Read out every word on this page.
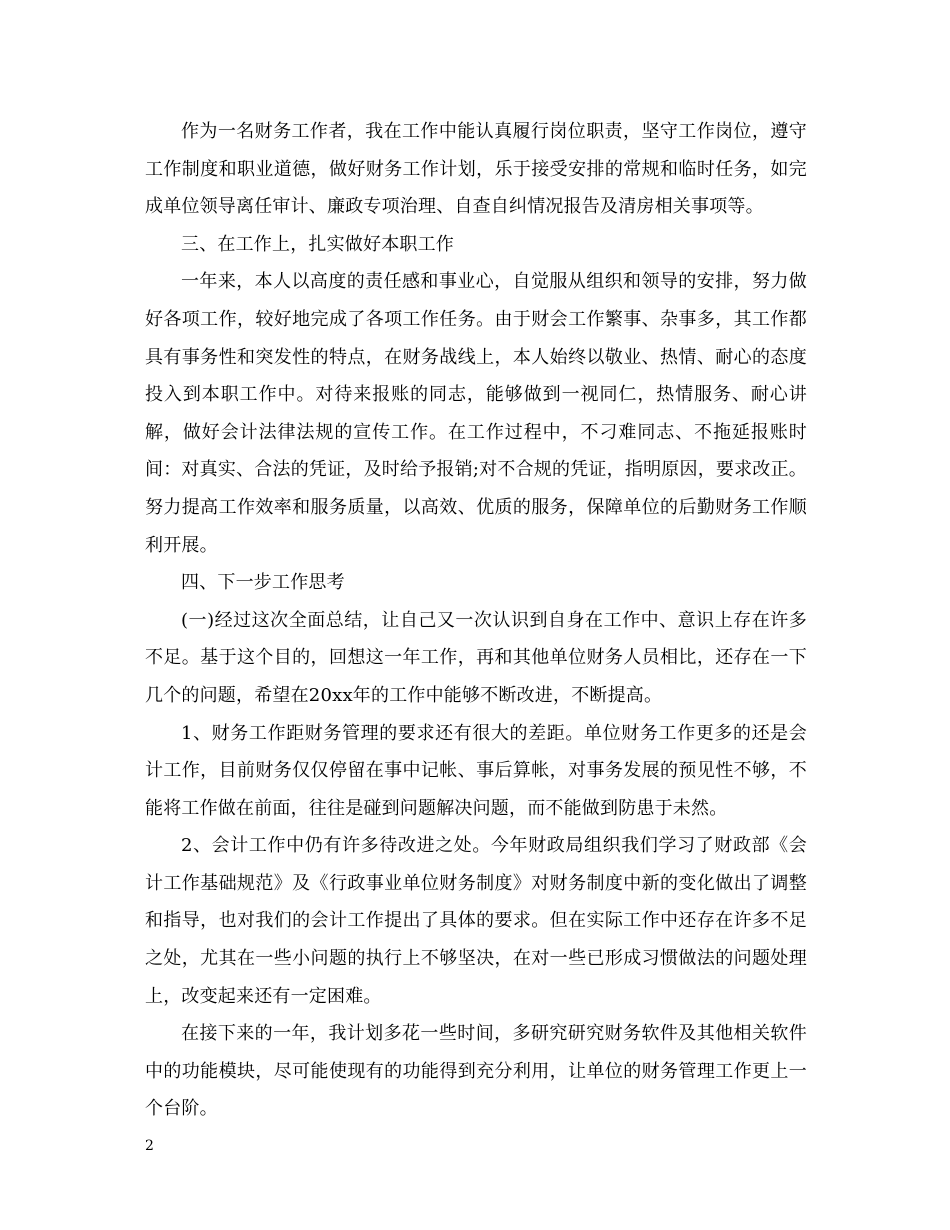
作为一名财务工作者，我在工作中能认真履行岗位职责，坚守工作岗位，遵守工作制度和职业道德，做好财务工作计划，乐于接受安排的常规和临时任务，如完成单位领导离任审计、廉政专项治理、自查自纠情况报告及清房相关事项等。

三、在工作上，扎实做好本职工作

一年来，本人以高度的责任感和事业心，自觉服从组织和领导的安排，努力做好各项工作，较好地完成了各项工作任务。由于财会工作繁事、杂事多，其工作都具有事务性和突发性的特点，在财务战线上，本人始终以敬业、热情、耐心的态度投入到本职工作中。对待来报账的同志，能够做到一视同仁，热情服务、耐心讲解，做好会计法律法规的宣传工作。在工作过程中，不刁难同志、不拖延报账时间：对真实、合法的凭证，及时给予报销;对不合规的凭证，指明原因，要求改正。努力提高工作效率和服务质量，以高效、优质的服务，保障单位的后勤财务工作顺利开展。

四、下一步工作思考

(一)经过这次全面总结，让自己又一次认识到自身在工作中、意识上存在许多不足。基于这个目的，回想这一年工作，再和其他单位财务人员相比，还存在一下几个的问题，希望在20xx年的工作中能够不断改进，不断提高。

1、财务工作距财务管理的要求还有很大的差距。单位财务工作更多的还是会计工作，目前财务仅仅停留在事中记帐、事后算帐，对事务发展的预见性不够，不能将工作做在前面，往往是碰到问题解决问题，而不能做到防患于未然。

2、会计工作中仍有许多待改进之处。今年财政局组织我们学习了财政部《会计工作基础规范》及《行政事业单位财务制度》对财务制度中新的变化做出了调整和指导，也对我们的会计工作提出了具体的要求。但在实际工作中还存在许多不足之处，尤其在一些小问题的执行上不够坚决，在对一些已形成习惯做法的问题处理上，改变起来还有一定困难。

在接下来的一年，我计划多花一些时间，多研究研究财务软件及其他相关软件中的功能模块，尽可能使现有的功能得到充分利用，让单位的财务管理工作更上一个台阶。

2
